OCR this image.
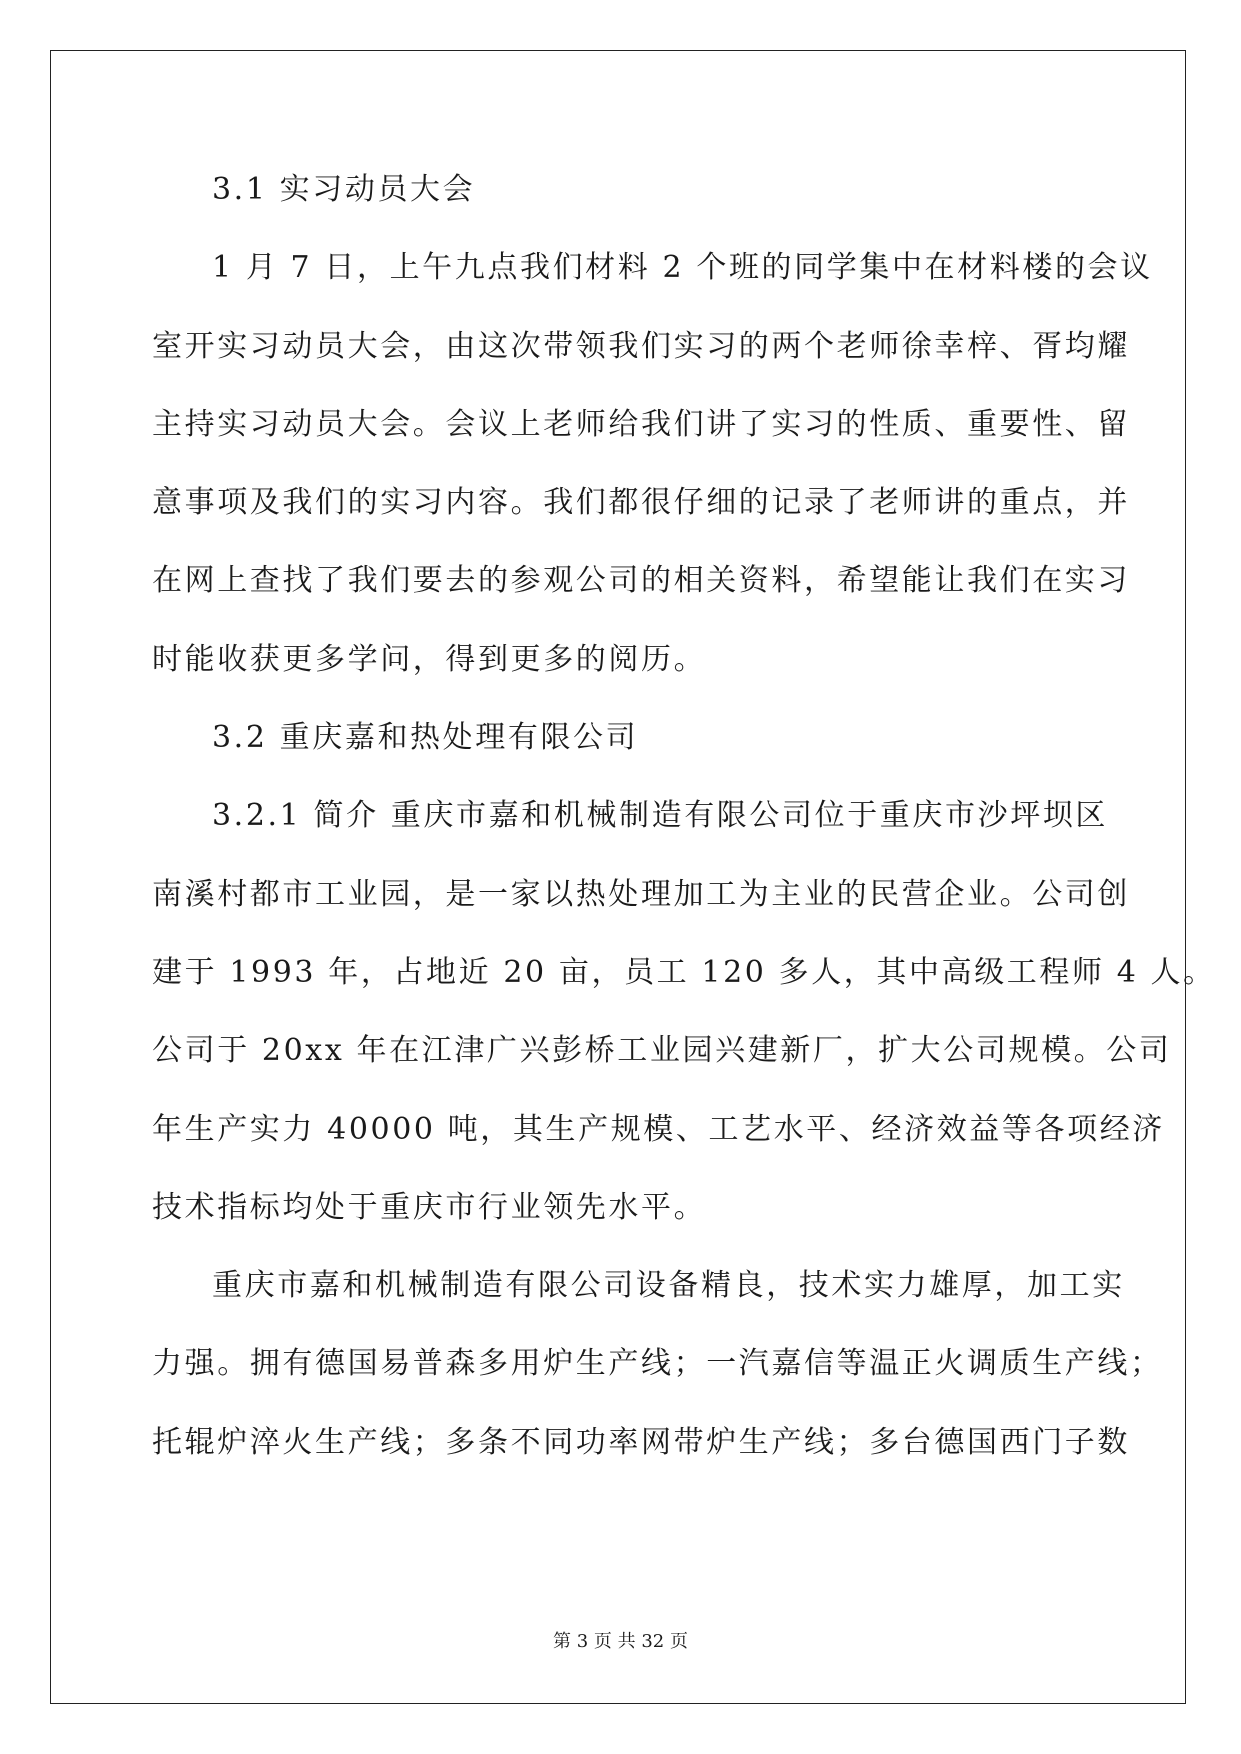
3.1 实习动员大会
1 月 7 日，上午九点我们材料 2 个班的同学集中在材料楼的会议
室开实习动员大会，由这次带领我们实习的两个老师徐幸梓、胥均耀
主持实习动员大会。会议上老师给我们讲了实习的性质、重要性、留
意事项及我们的实习内容。我们都很仔细的记录了老师讲的重点，并
在网上查找了我们要去的参观公司的相关资料，希望能让我们在实习
时能收获更多学问，得到更多的阅历。
3.2 重庆嘉和热处理有限公司
3.2.1 简介 重庆市嘉和机械制造有限公司位于重庆市沙坪坝区
南溪村都市工业园，是一家以热处理加工为主业的民营企业。公司创
建于 1993 年，占地近 20 亩，员工 120 多人，其中高级工程师 4 人。
公司于 20xx 年在江津广兴彭桥工业园兴建新厂，扩大公司规模。公司
年生产实力 40000 吨，其生产规模、工艺水平、经济效益等各项经济
技术指标均处于重庆市行业领先水平。
重庆市嘉和机械制造有限公司设备精良，技术实力雄厚，加工实
力强。拥有德国易普森多用炉生产线；一汽嘉信等温正火调质生产线；
托辊炉淬火生产线；多条不同功率网带炉生产线；多台德国西门子数
第 3 页 共 32 页
